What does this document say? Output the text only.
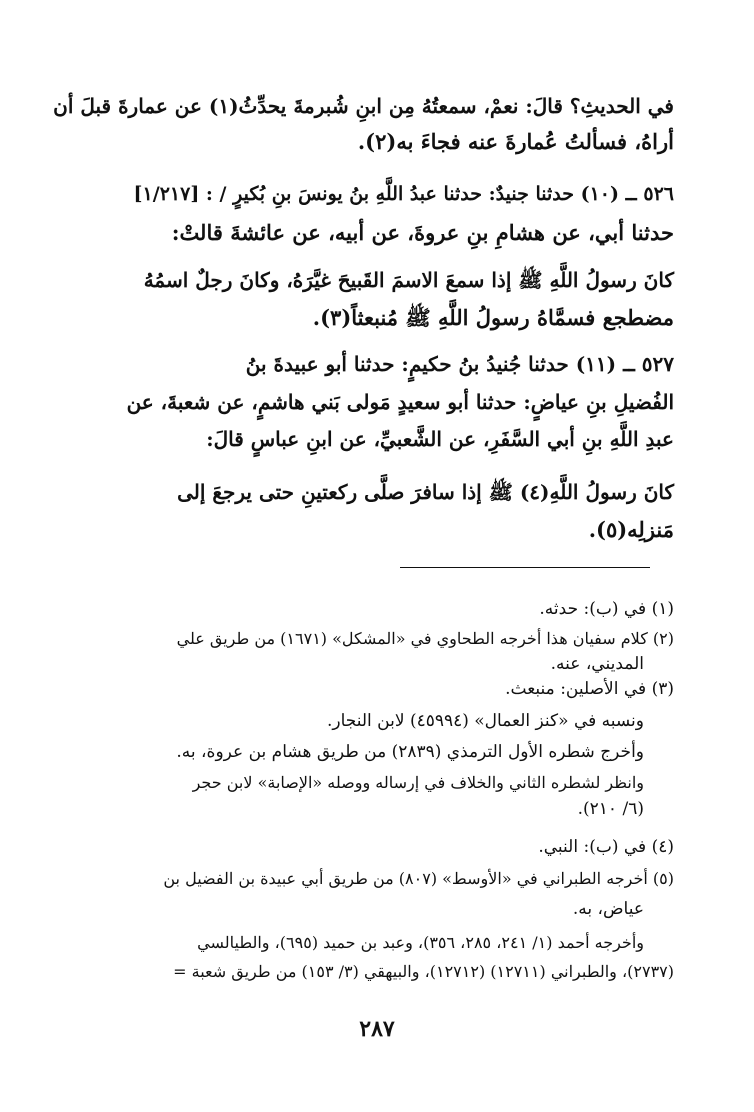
في الحديثِ؟ قالَ: نعمْ، سمعتُهُ مِن ابنِ شُبرمةَ يحدِّثُ(١) عن عمارةَ قبلَ أن
أراهُ، فسألتُ عُمارةَ عنه فجاءَ به(٢).
٥٢٦ ــ (١٠) حدثنا جنيدٌ: حدثنا عبدُ اللَّهِ بنُ يونسَ بنِ بُكيرٍ / : [١/٢١٧]
حدثنا أبي، عن هشامِ بنِ عروةَ، عن أبيه، عن عائشةَ قالتْ:
كانَ رسولُ اللَّهِ ﷺ إذا سمعَ الاسمَ القَبيحَ غيَّرَهُ، وكانَ رجلٌ اسمُهُ
مضطجع فسمَّاهُ رسولُ اللَّهِ ﷺ مُنبعثاً(٣).
٥٢٧ ــ (١١) حدثنا جُنيدُ بنُ حكيمٍ: حدثنا أبو عبيدةَ بنُ
الفُضيلِ بنِ عياضٍ: حدثنا أبو سعيدٍ مَولى بَني هاشمٍ، عن شعبةَ، عن
عبدِ اللَّهِ بنِ أبي السَّفَرِ، عن الشَّعبيِّ، عن ابنِ عباسٍ قالَ:
كانَ رسولُ اللَّهِ(٤) ﷺ إذا سافرَ صلَّى ركعتينِ حتى يرجعَ إلى
مَنزلِه(٥).
(١) في (ب): حدثه.
(٢) كلام سفيان هذا أخرجه الطحاوي في «المشكل» (١٦٧١) من طريق علي
المديني، عنه.
(٣) في الأصلين: منبعث.
ونسبه في «كنز العمال» (٤٥٩٩٤) لابن النجار.
وأخرج شطره الأول الترمذي (٢٨٣٩) من طريق هشام بن عروة، به.
وانظر لشطره الثاني والخلاف في إرساله ووصله «الإصابة» لابن حجر
(٦/ ٢١٠).
(٤) في (ب): النبي.
(٥) أخرجه الطبراني في «الأوسط» (٨٠٧) من طريق أبي عبيدة بن الفضيل بن
عياض، به.
وأخرجه أحمد (١/ ٢٤١، ٢٨٥، ٣٥٦)، وعبد بن حميد (٦٩٥)، والطيالسي
(٢٧٣٧)، والطبراني (١٢٧١١) (١٢٧١٢)، والبيهقي (٣/ ١٥٣) من طريق شعبة =
٢٨٧
